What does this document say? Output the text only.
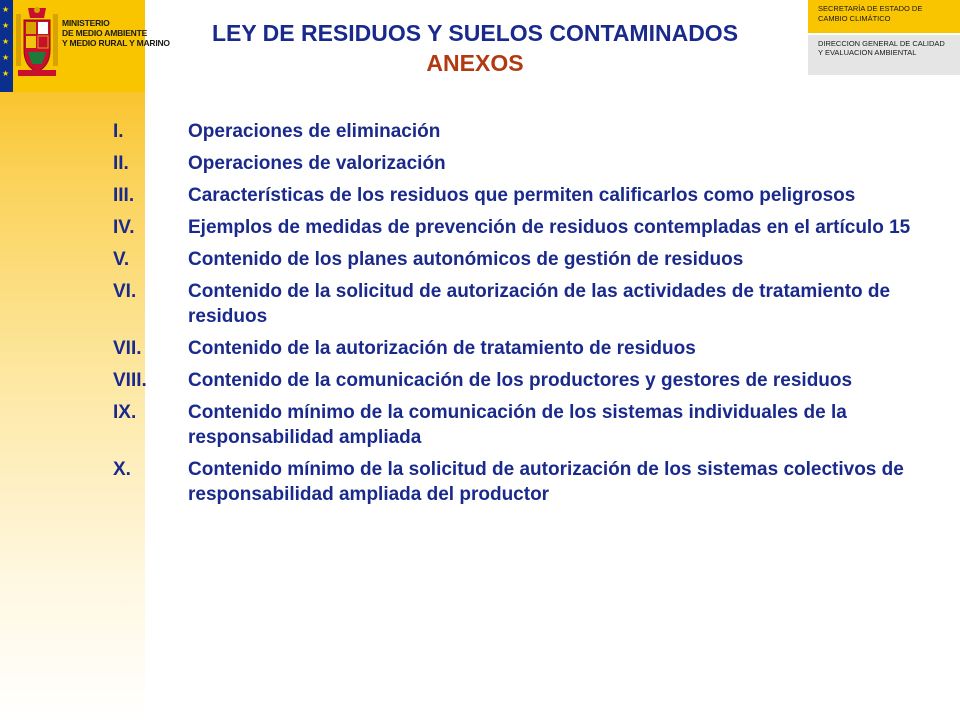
★
★
★
★
★
MINISTERIO
DE MEDIO AMBIENTE
Y MEDIO RURAL Y MARINO	LEY DE RESIDUOS Y SUELOS CONTAMINADOS
ANEXOS
SECRETARÍA DE ESTADO DE CAMBIO CLIMÁTICO
DIRECCION GENERAL DE CALIDAD Y EVALUACION AMBIENTAL
I.	Operaciones de eliminación
II.	Operaciones de valorización
III.	Características de los residuos que permiten calificarlos como peligrosos
IV.	Ejemplos de medidas de prevención de residuos contempladas en el artículo 15
V.	Contenido de los planes autonómicos de gestión de residuos
VI.	Contenido de la solicitud de autorización de las actividades de tratamiento de residuos
VII.	Contenido de la autorización de tratamiento de residuos
VIII.	Contenido de la comunicación de los productores y gestores de residuos
IX.	Contenido mínimo de la comunicación de los sistemas individuales de la responsabilidad ampliada
X.	Contenido mínimo de la solicitud de autorización de los sistemas colectivos de responsabilidad ampliada del productor
